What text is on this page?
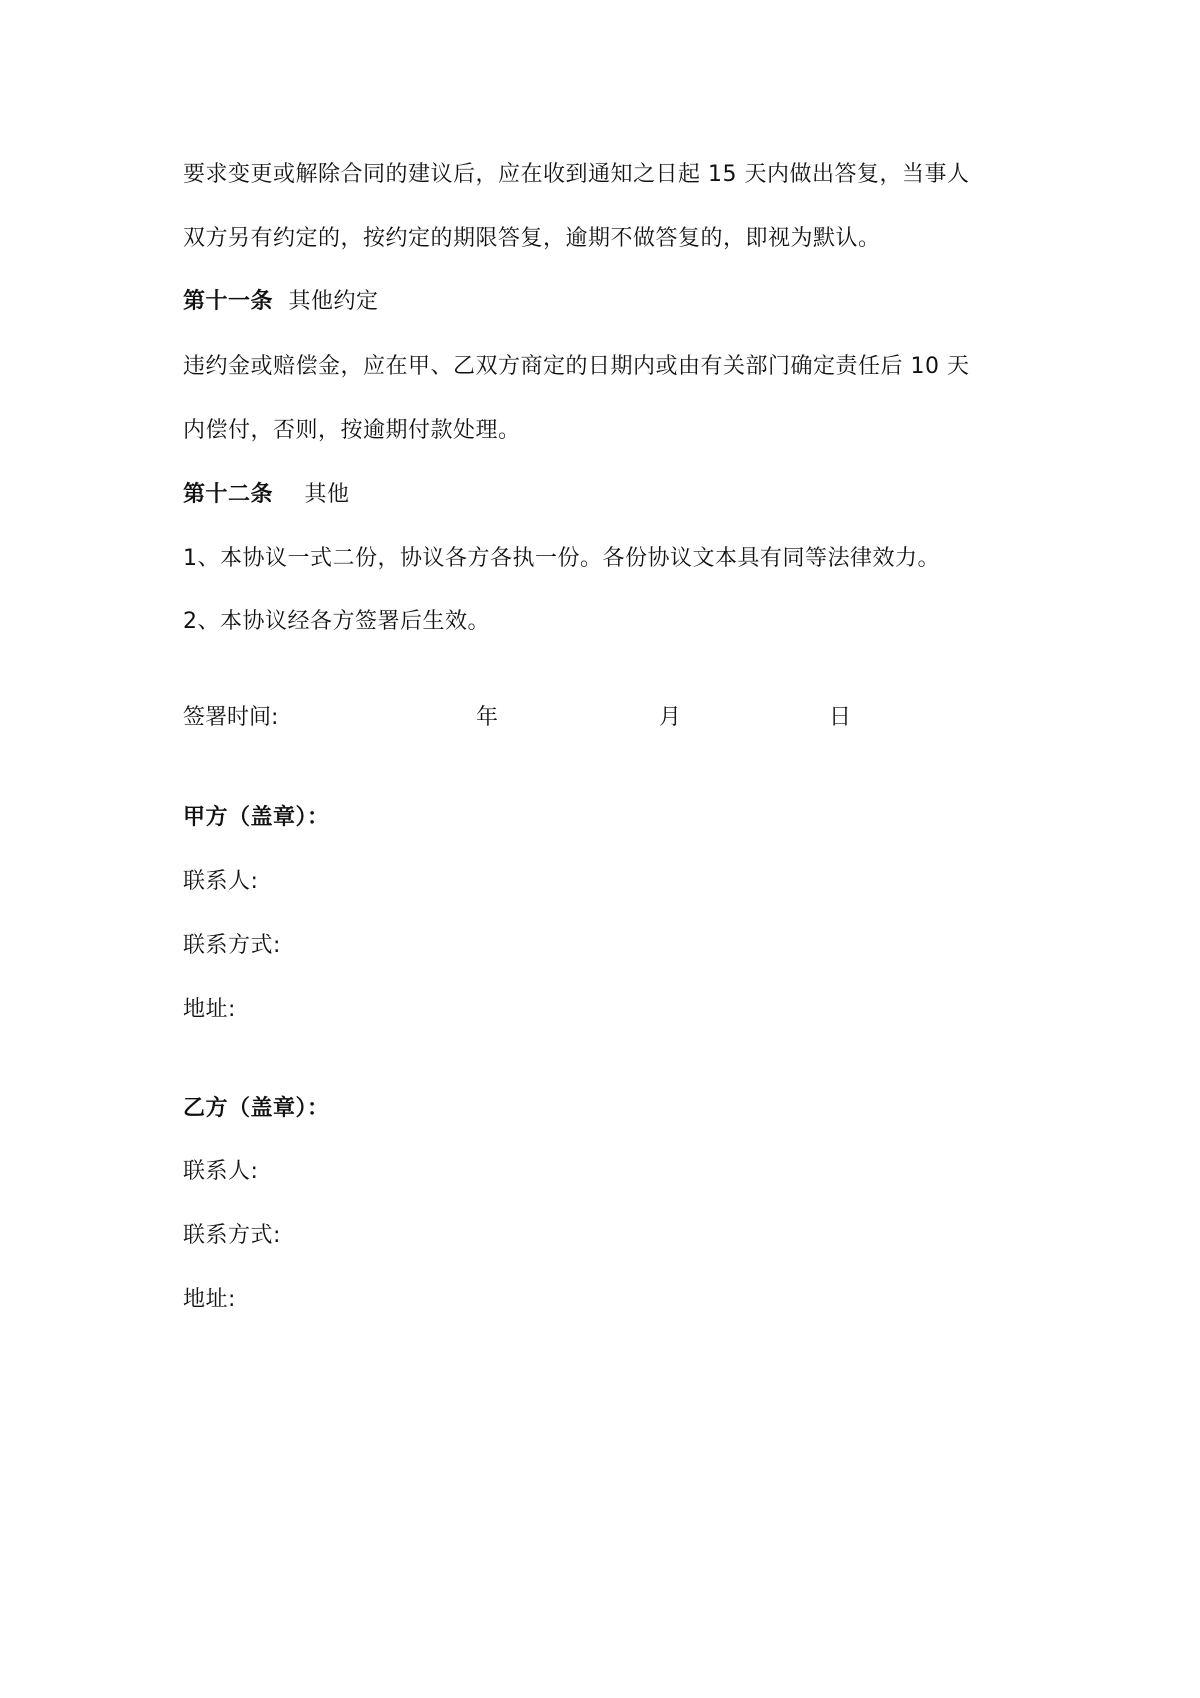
要求变更或解除合同的建议后，应在收到通知之日起 15 天内做出答复，当事人
双方另有约定的，按约定的期限答复，逾期不做答复的，即视为默认。
第十一条 其他约定
违约金或赔偿金，应在甲、乙双方商定的日期内或由有关部门确定责任后 10 天
内偿付，否则，按逾期付款处理。
第十二条 其他
1、本协议一式二份，协议各方各执一份。各份协议文本具有同等法律效力。
2、本协议经各方签署后生效。
签署时间:	年	月	日
甲方（盖章）：
联系人:
联系方式:
地址:
乙方（盖章）：
联系人:
联系方式:
地址:
